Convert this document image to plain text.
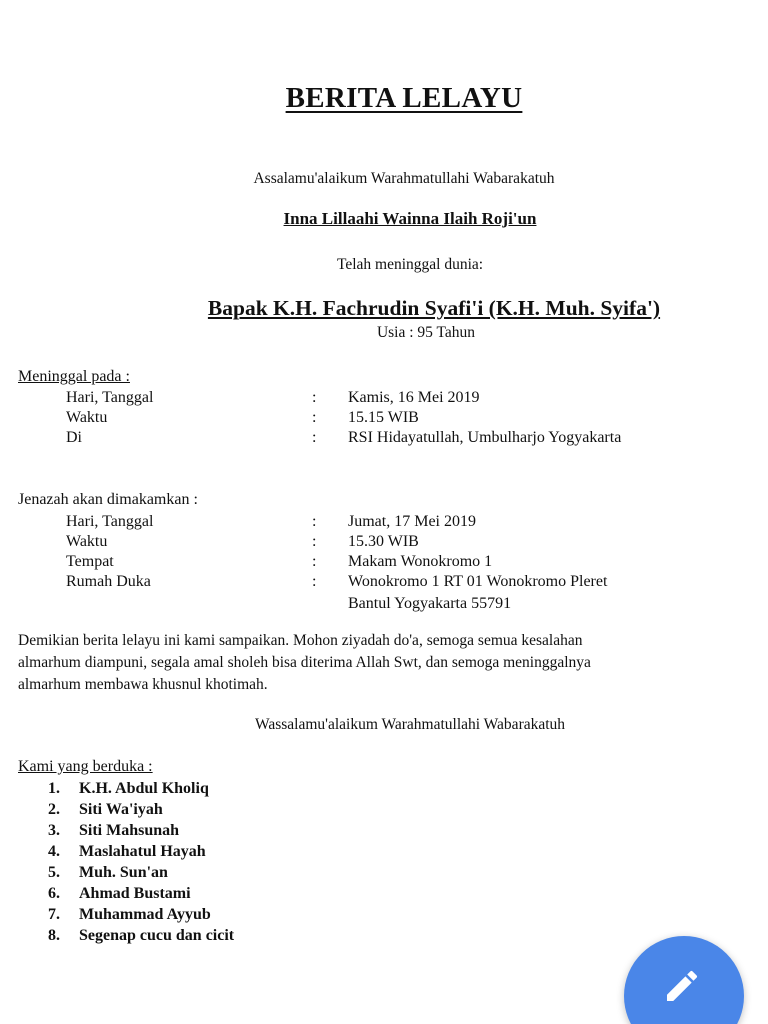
BERITA LELAYU
Assalamu'alaikum Warahmatullahi Wabarakatuh
Inna Lillaahi Wainna Ilaih Roji'un
Telah meninggal dunia:
Bapak K.H. Fachrudin Syafi'i (K.H. Muh. Syifa')
Usia : 95 Tahun
Meninggal pada :
Hari, Tanggal	: Kamis, 16 Mei 2019
Waktu	: 15.15 WIB
Di	: RSI Hidayatullah, Umbulharjo Yogyakarta
Jenazah akan dimakamkan :
Hari, Tanggal	: Jumat, 17 Mei 2019
Waktu	: 15.30 WIB
Tempat	: Makam Wonokromo 1
Rumah Duka	: Wonokromo 1 RT 01 Wonokromo Pleret
Bantul Yogyakarta 55791
Demikian berita lelayu ini kami sampaikan. Mohon ziyadah do'a, semoga semua kesalahan
almarhum diampuni, segala amal sholeh bisa diterima Allah Swt, dan semoga meninggalnya
almarhum membawa khusnul khotimah.
Wassalamu'alaikum Warahmatullahi Wabarakatuh
Kami yang berduka :
1. K.H. Abdul Kholiq
2. Siti Wa'iyah
3. Siti Mahsunah
4. Maslahatul Hayah
5. Muh. Sun'an
6. Ahmad Bustami
7. Muhammad Ayyub
8. Segenap cucu dan cicit
